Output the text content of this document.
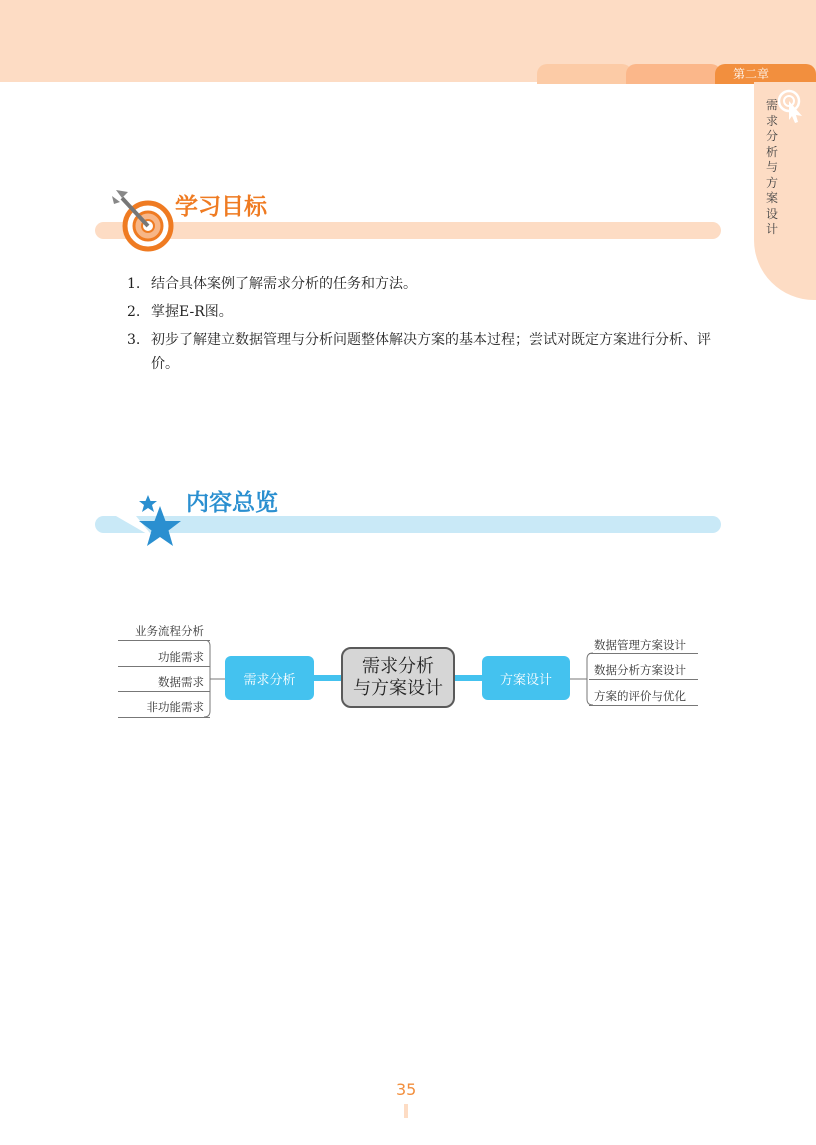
第二章
需求分析与方案设计
学习目标
1. 结合具体案例了解需求分析的任务和方法。
2. 掌握E-R图。
3. 初步了解建立数据管理与分析问题整体解决方案的基本过程；尝试对既定方案进行分析、评价。
内容总览
业务流程分析
功能需求
数据需求
非功能需求
需求分析
需求分析
与方案设计	方案设计
数据管理方案设计
数据分析方案设计
方案的评价与优化
35
